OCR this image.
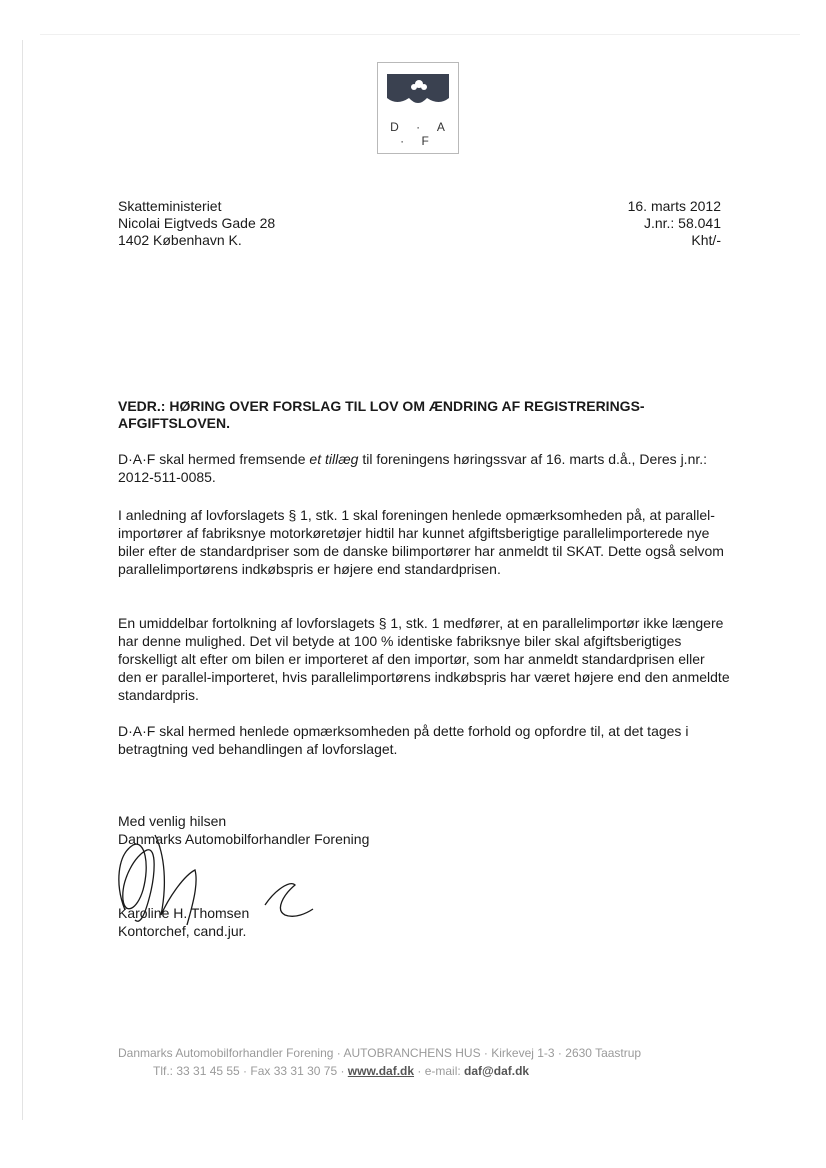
D · A · F
Skatteministeriet
Nicolai Eigtveds Gade 28
1402 København K.
16. marts 2012
J.nr.: 58.041
Kht/-
VEDR.: HØRING OVER FORSLAG TIL LOV OM ÆNDRING AF REGISTRERINGS-
AFGIFTSLOVEN.
D·A·F skal hermed fremsende et tillæg til foreningens høringssvar af 16. marts d.å., Deres j.nr.: 2012-511-0085.
I anledning af lovforslagets § 1, stk. 1 skal foreningen henlede opmærksomheden på, at parallel-importører af fabriksnye motorkøretøjer hidtil har kunnet afgiftsberigtige parallelimporterede nye biler efter de standardpriser som de danske bilimportører har anmeldt til SKAT. Dette også selvom parallelimportørens indkøbspris er højere end standardprisen.
En umiddelbar fortolkning af lovforslagets § 1, stk. 1 medfører, at en parallelimportør ikke længere har denne mulighed. Det vil betyde at 100 % identiske fabriksnye biler skal afgiftsberigtiges forskelligt alt efter om bilen er importeret af den importør, som har anmeldt standardprisen eller den er parallel-importeret, hvis parallelimportørens indkøbspris har været højere end den anmeldte standardpris.
D·A·F skal hermed henlede opmærksomheden på dette forhold og opfordre til, at det tages i betragtning ved behandlingen af lovforslaget.
Med venlig hilsen
Danmarks Automobilforhandler Forening
Karoline H. Thomsen
Kontorchef, cand.jur.
Danmarks Automobilforhandler Forening · AUTOBRANCHENS HUS · Kirkevej 1-3 · 2630 Taastrup
Tlf.: 33 31 45 55 · Fax 33 31 30 75 · www.daf.dk · e-mail: daf@daf.dk
